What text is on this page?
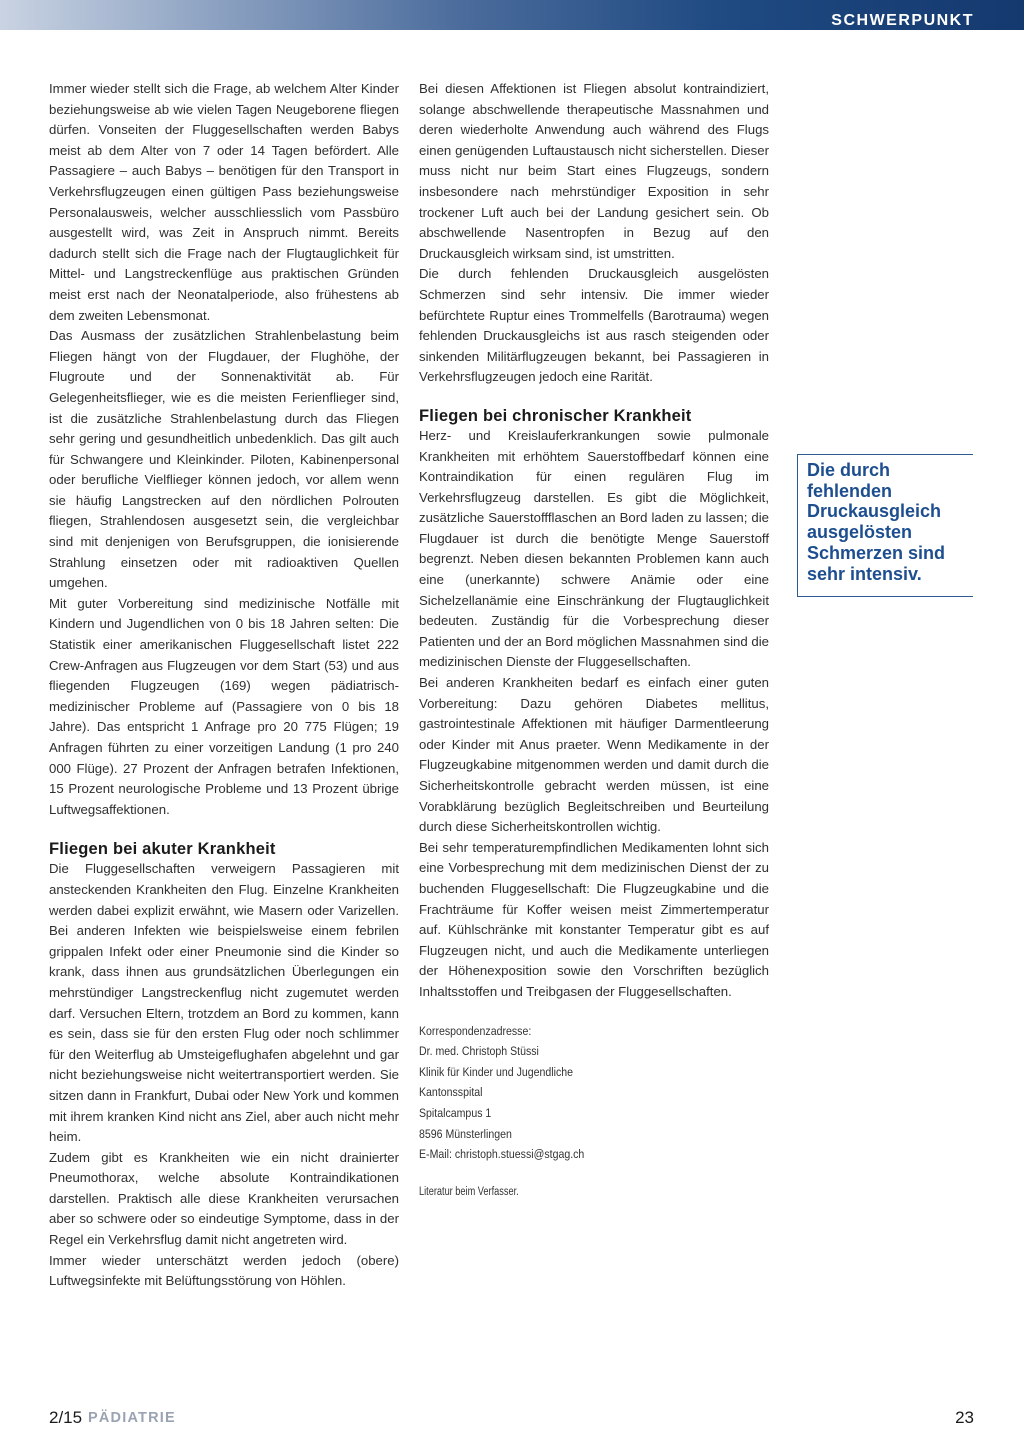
SCHWERPUNKT

Immer wieder stellt sich die Frage, ab welchem Alter Kinder beziehungsweise ab wie vielen Tagen Neugeborene fliegen dürfen. Vonseiten der Fluggesellschaften werden Babys meist ab dem Alter von 7 oder 14 Tagen befördert. Alle Passagiere – auch Babys – benötigen für den Transport in Verkehrsflugzeugen einen gültigen Pass beziehungsweise Personalausweis, welcher ausschliesslich vom Passbüro ausgestellt wird, was Zeit in Anspruch nimmt. Bereits dadurch stellt sich die Frage nach der Flugtauglichkeit für Mittel- und Langstreckenflüge aus praktischen Gründen meist erst nach der Neonatalperiode, also frühestens ab dem zweiten Lebensmonat.

Das Ausmass der zusätzlichen Strahlenbelastung beim Fliegen hängt von der Flugdauer, der Flughöhe, der Flugroute und der Sonnenaktivität ab. Für Gelegenheitsflieger, wie es die meisten Ferienflieger sind, ist die zusätzliche Strahlenbelastung durch das Fliegen sehr gering und gesundheitlich unbedenklich. Das gilt auch für Schwangere und Kleinkinder. Piloten, Kabinenpersonal oder berufliche Vielflieger können jedoch, vor allem wenn sie häufig Langstrecken auf den nördlichen Polrouten fliegen, Strahlendosen ausgesetzt sein, die vergleichbar sind mit denjenigen von Berufsgruppen, die ionisierende Strahlung einsetzen oder mit radioaktiven Quellen umgehen.

Mit guter Vorbereitung sind medizinische Notfälle mit Kindern und Jugendlichen von 0 bis 18 Jahren selten: Die Statistik einer amerikanischen Fluggesellschaft listet 222 Crew-Anfragen aus Flugzeugen vor dem Start (53) und aus fliegenden Flugzeugen (169) wegen pädiatrisch-medizinischer Probleme auf (Passagiere von 0 bis 18 Jahre). Das entspricht 1 Anfrage pro 20 775 Flügen; 19 Anfragen führten zu einer vorzeitigen Landung (1 pro 240 000 Flüge). 27 Prozent der Anfragen betrafen Infektionen, 15 Prozent neurologische Probleme und 13 Prozent übrige Luftwegsaffektionen.

Fliegen bei akuter Krankheit

Die Fluggesellschaften verweigern Passagieren mit ansteckenden Krankheiten den Flug. Einzelne Krankheiten werden dabei explizit erwähnt, wie Masern oder Varizellen. Bei anderen Infekten wie beispielsweise einem febrilen grippalen Infekt oder einer Pneumonie sind die Kinder so krank, dass ihnen aus grundsätzlichen Überlegungen ein mehrstündiger Langstreckenflug nicht zugemutet werden darf. Versuchen Eltern, trotzdem an Bord zu kommen, kann es sein, dass sie für den ersten Flug oder noch schlimmer für den Weiterflug ab Umsteigeflughafen abgelehnt und gar nicht beziehungsweise nicht weitertransportiert werden. Sie sitzen dann in Frankfurt, Dubai oder New York und kommen mit ihrem kranken Kind nicht ans Ziel, aber auch nicht mehr heim.

Zudem gibt es Krankheiten wie ein nicht drainierter Pneumothorax, welche absolute Kontraindikationen darstellen. Praktisch alle diese Krankheiten verursachen aber so schwere oder so eindeutige Symptome, dass in der Regel ein Verkehrsflug damit nicht angetreten wird.

Immer wieder unterschätzt werden jedoch (obere) Luftwegsinfekte mit Belüftungsstörung von Höhlen.

Bei diesen Affektionen ist Fliegen absolut kontraindiziert, solange abschwellende therapeutische Massnahmen und deren wiederholte Anwendung auch während des Flugs einen genügenden Luftaustausch nicht sicherstellen. Dieser muss nicht nur beim Start eines Flugzeugs, sondern insbesondere nach mehrstündiger Exposition in sehr trockener Luft auch bei der Landung gesichert sein. Ob abschwellende Nasentropfen in Bezug auf den Druckausgleich wirksam sind, ist umstritten.

Die durch fehlenden Druckausgleich ausgelösten Schmerzen sind sehr intensiv. Die immer wieder befürchtete Ruptur eines Trommelfells (Barotrauma) wegen fehlenden Druckausgleichs ist aus rasch steigenden oder sinkenden Militärflugzeugen bekannt, bei Passagieren in Verkehrsflugzeugen jedoch eine Rarität.

Fliegen bei chronischer Krankheit

Herz- und Kreislauferkrankungen sowie pulmonale Krankheiten mit erhöhtem Sauerstoffbedarf können eine Kontraindikation für einen regulären Flug im Verkehrsflugzeug darstellen. Es gibt die Möglichkeit, zusätzliche Sauerstoffflaschen an Bord laden zu lassen; die Flugdauer ist durch die benötigte Menge Sauerstoff begrenzt. Neben diesen bekannten Problemen kann auch eine (unerkannte) schwere Anämie oder eine Sichelzellanämie eine Einschränkung der Flugtauglichkeit bedeuten. Zuständig für die Vorbesprechung dieser Patienten und der an Bord möglichen Massnahmen sind die medizinischen Dienste der Fluggesellschaften.

Bei anderen Krankheiten bedarf es einfach einer guten Vorbereitung: Dazu gehören Diabetes mellitus, gastrointestinale Affektionen mit häufiger Darmentleerung oder Kinder mit Anus praeter. Wenn Medikamente in der Flugzeugkabine mitgenommen werden und damit durch die Sicherheitskontrolle gebracht werden müssen, ist eine Vorabklärung bezüglich Begleitschreiben und Beurteilung durch diese Sicherheitskontrollen wichtig.

Bei sehr temperaturempfindlichen Medikamenten lohnt sich eine Vorbesprechung mit dem medizinischen Dienst der zu buchenden Fluggesellschaft: Die Flugzeugkabine und die Frachträume für Koffer weisen meist Zimmertemperatur auf. Kühlschränke mit konstanter Temperatur gibt es auf Flugzeugen nicht, und auch die Medikamente unterliegen der Höhenexposition sowie den Vorschriften bezüglich Inhaltsstoffen und Treibgasen der Fluggesellschaften.

Korrespondenzadresse:
Dr. med. Christoph Stüssi
Klinik für Kinder und Jugendliche
Kantonsspital
Spitalcampus 1
8596 Münsterlingen
E-Mail: christoph.stuessi@stgag.ch
Literatur beim Verfasser.
Die durch fehlenden Druckausgleich ausgelösten Schmerzen sind sehr intensiv.
2/15 PÄDIATRIE	23
